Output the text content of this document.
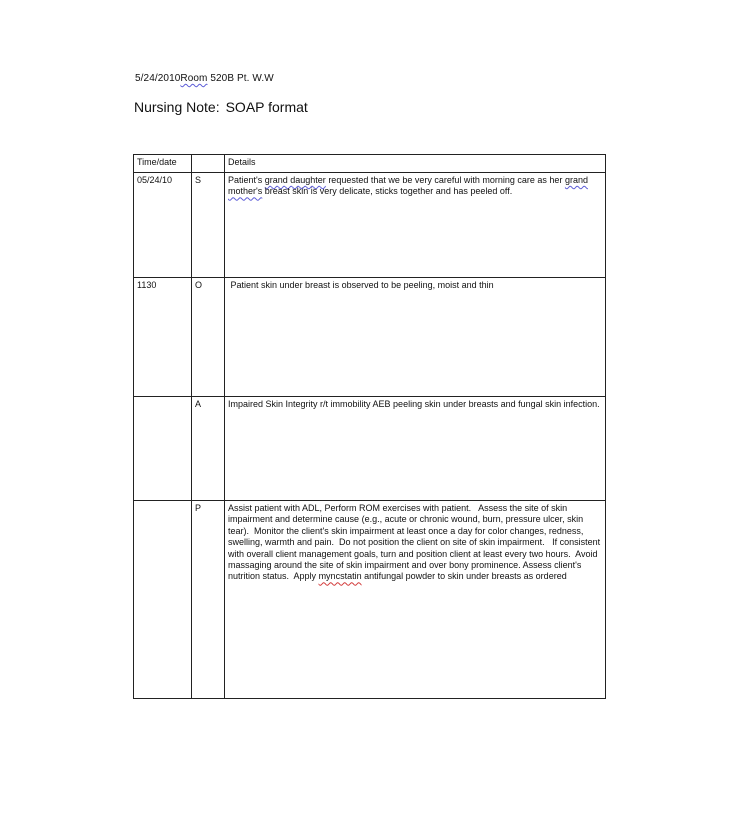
5/24/2010Room 520B Pt. W.W
Nursing Note: SOAP format
Time/date		Details
05/24/10	S	Patient's grand daughter requested that we be very careful with morning care as her grand mother's breast skin is very delicate, sticks together and has peeled off.
1130	O	Patient skin under breast is observed to be peeling, moist and thin
	A	Impaired Skin Integrity r/t immobility AEB peeling skin under breasts and fungal skin infection.
	P	Assist patient with ADL, Perform ROM exercises with patient.   Assess the site of skin impairment and determine cause (e.g., acute or chronic wound, burn, pressure ulcer, skin tear).  Monitor the client's skin impairment at least once a day for color changes, redness, swelling, warmth and pain.  Do not position the client on site of skin impairment.   If consistent with overall client management goals, turn and position client at least every two hours.  Avoid massaging around the site of skin impairment and over bony prominence. Assess client's nutrition status.  Apply myncstatin antifungal powder to skin under breasts as ordered
